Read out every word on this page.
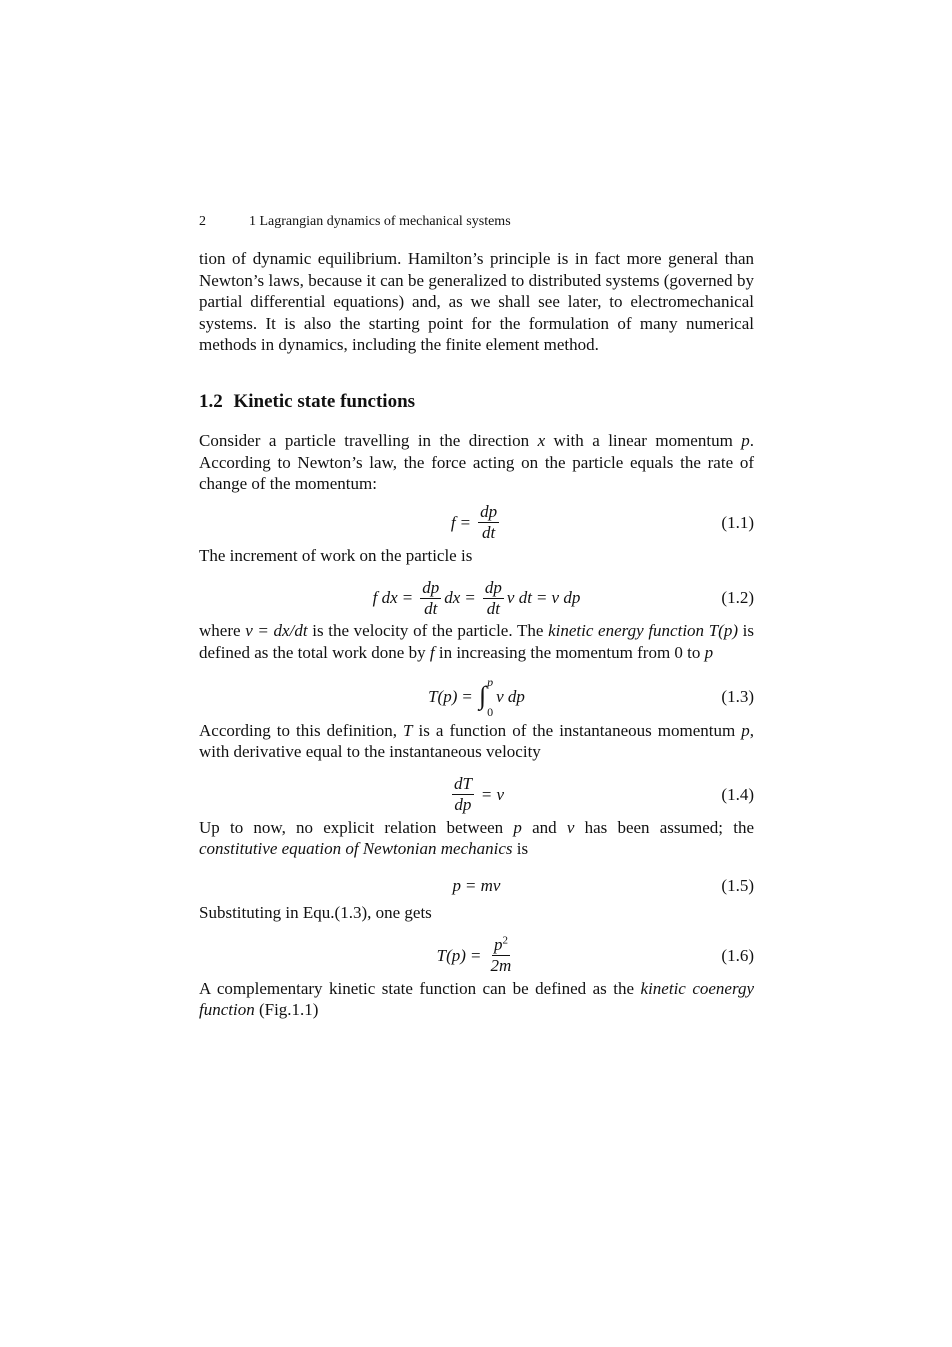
2	1 Lagrangian dynamics of mechanical systems

tion of dynamic equilibrium. Hamilton’s principle is in fact more general than Newton’s laws, because it can be generalized to distributed systems (governed by partial differential equations) and, as we shall see later, to electromechanical systems. It is also the starting point for the formulation of many numerical methods in dynamics, including the finite element method.

1.2 Kinetic state functions

Consider a particle travelling in the direction x with a linear momentum p. According to Newton’s law, the force acting on the particle equals the rate of change of the momentum:

$f = \frac{dp}{dt}$	(1.1)

The increment of work on the particle is

f dx = $\frac{dp}{dt}$ dx = $\frac{dp}{dt}$ v dt = v dp	(1.2)

where v = dx/dt is the velocity of the particle. The kinetic energy function T(p) is defined as the total work done by f in increasing the momentum from 0 to p

T(p) = ∫ p
0
v dp	(1.3)

According to this definition, T is a function of the instantaneous momentum p, with derivative equal to the instantaneous velocity

$\frac{dT}{dp} = v$	(1.4)

Up to now, no explicit relation between p and v has been assumed; the constitutive equation of Newtonian mechanics is

p = mv	(1.5)

Substituting in Equ.(1.3), one gets

$T(p) = \frac{p^2}{2m}$	(1.6)

A complementary kinetic state function can be defined as the kinetic coenergy function (Fig.1.1)
